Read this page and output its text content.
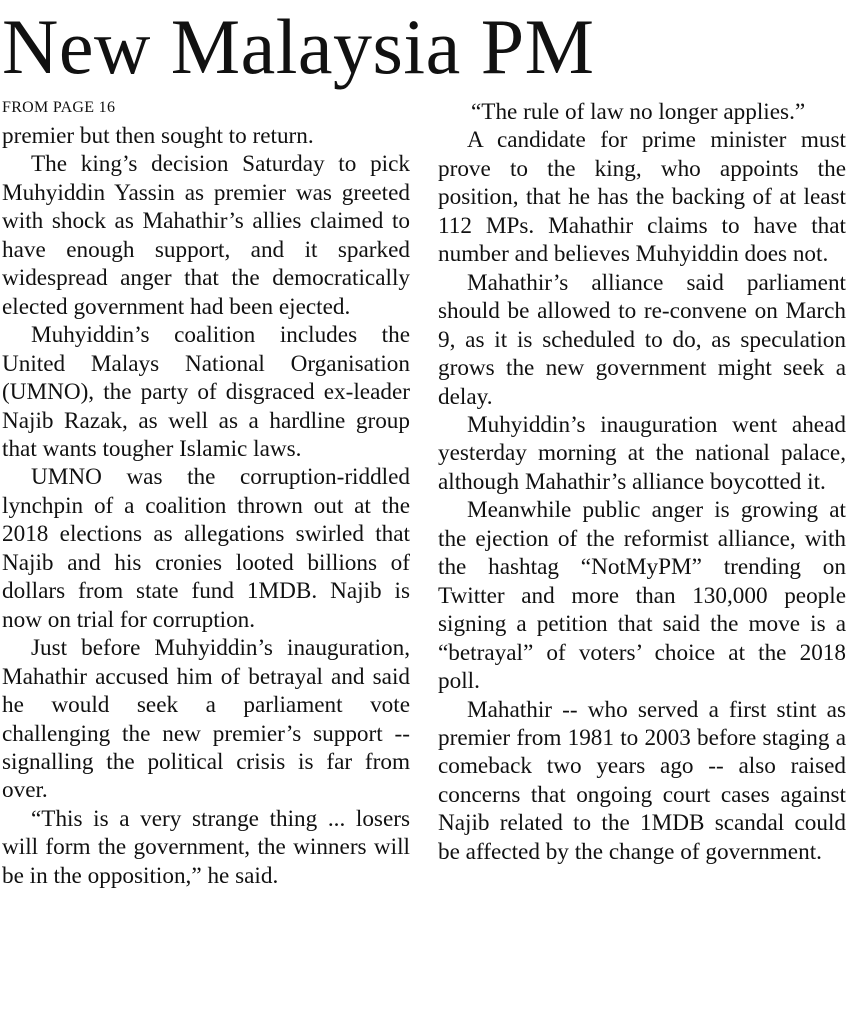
New Malaysia PM
FROM PAGE 16

premier but then sought to return.

The king’s decision Saturday to pick Muhyiddin Yassin as premier was greeted with shock as Mahathir’s allies claimed to have enough support, and it sparked widespread anger that the democratically elected government had been ejected.

Muhyiddin’s coalition includes the United Malays National Organisation (UMNO), the party of disgraced ex-leader Najib Razak, as well as a hardline group that wants tougher Islamic laws.

UMNO was the corruption-riddled lynchpin of a coalition thrown out at the 2018 elections as allegations swirled that Najib and his cronies looted billions of dollars from state fund 1MDB. Najib is now on trial for corruption.

Just before Muhyiddin’s inauguration, Mahathir accused him of betrayal and said he would seek a parliament vote challenging the new premier’s support -- signalling the political crisis is far from over.

“This is a very strange thing ... losers will form the government, the winners will be in the opposition,” he said.

“The rule of law no longer applies.”

A candidate for prime minister must prove to the king, who appoints the position, that he has the backing of at least 112 MPs. Mahathir claims to have that number and believes Muhyiddin does not.

Mahathir’s alliance said parliament should be allowed to re-convene on March 9, as it is scheduled to do, as speculation grows the new government might seek a delay.

Muhyiddin’s inauguration went ahead yesterday morning at the national palace, although Mahathir’s alliance boycotted it.

Meanwhile public anger is growing at the ejection of the reformist alliance, with the hashtag “NotMyPM” trending on Twitter and more than 130,000 people signing a petition that said the move is a “betrayal” of voters’ choice at the 2018 poll.

Mahathir -- who served a first stint as premier from 1981 to 2003 before staging a comeback two years ago -- also raised concerns that ongoing court cases against Najib related to the 1MDB scandal could be affected by the change of government.
